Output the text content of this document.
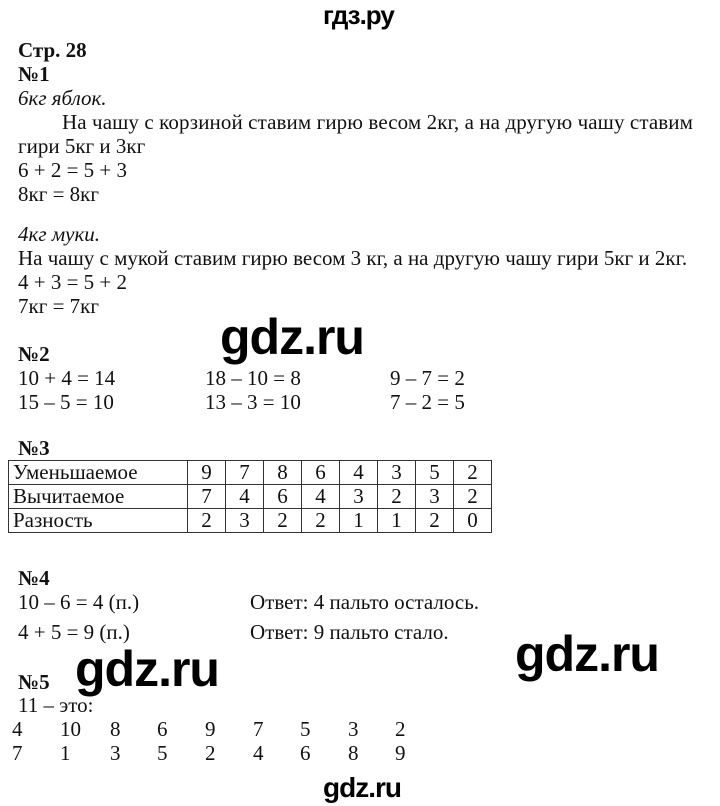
гдз.ру
Стр. 28
№1
6кг яблок.
На чашу с корзиной ставим гирю весом 2кг, а на другую чашу ставим
гири 5кг и 3кг
6 + 2 = 5 + 3
8кг = 8кг
4кг муки.
На чашу с мукой ставим гирю весом 3 кг, а на другую чашу гири 5кг и 2кг.
4 + 3 = 5 + 2
7кг = 7кг
gdz.ru
№2
10 + 4 = 14	18 – 10 = 8	9 – 7 = 2
15 – 5 = 10	13 – 3 = 10	7 – 2 = 5
№3
Уменьшаемое	9	7	8	6	4	3	5	2
Вычитаемое	7	4	6	4	3	2	3	2
Разность	2	3	2	2	1	1	2	0
№4
10 – 6 = 4 (п.)	Ответ: 4 пальто осталось.
4 + 5 = 9 (п.)	Ответ: 9 пальто стало.
gdz.ru	gdz.ru
№5
11 – это:
4 10 8 6 9 7 5 3 2
7 1 3 5 2 4 6 8 9
gdz.ru
